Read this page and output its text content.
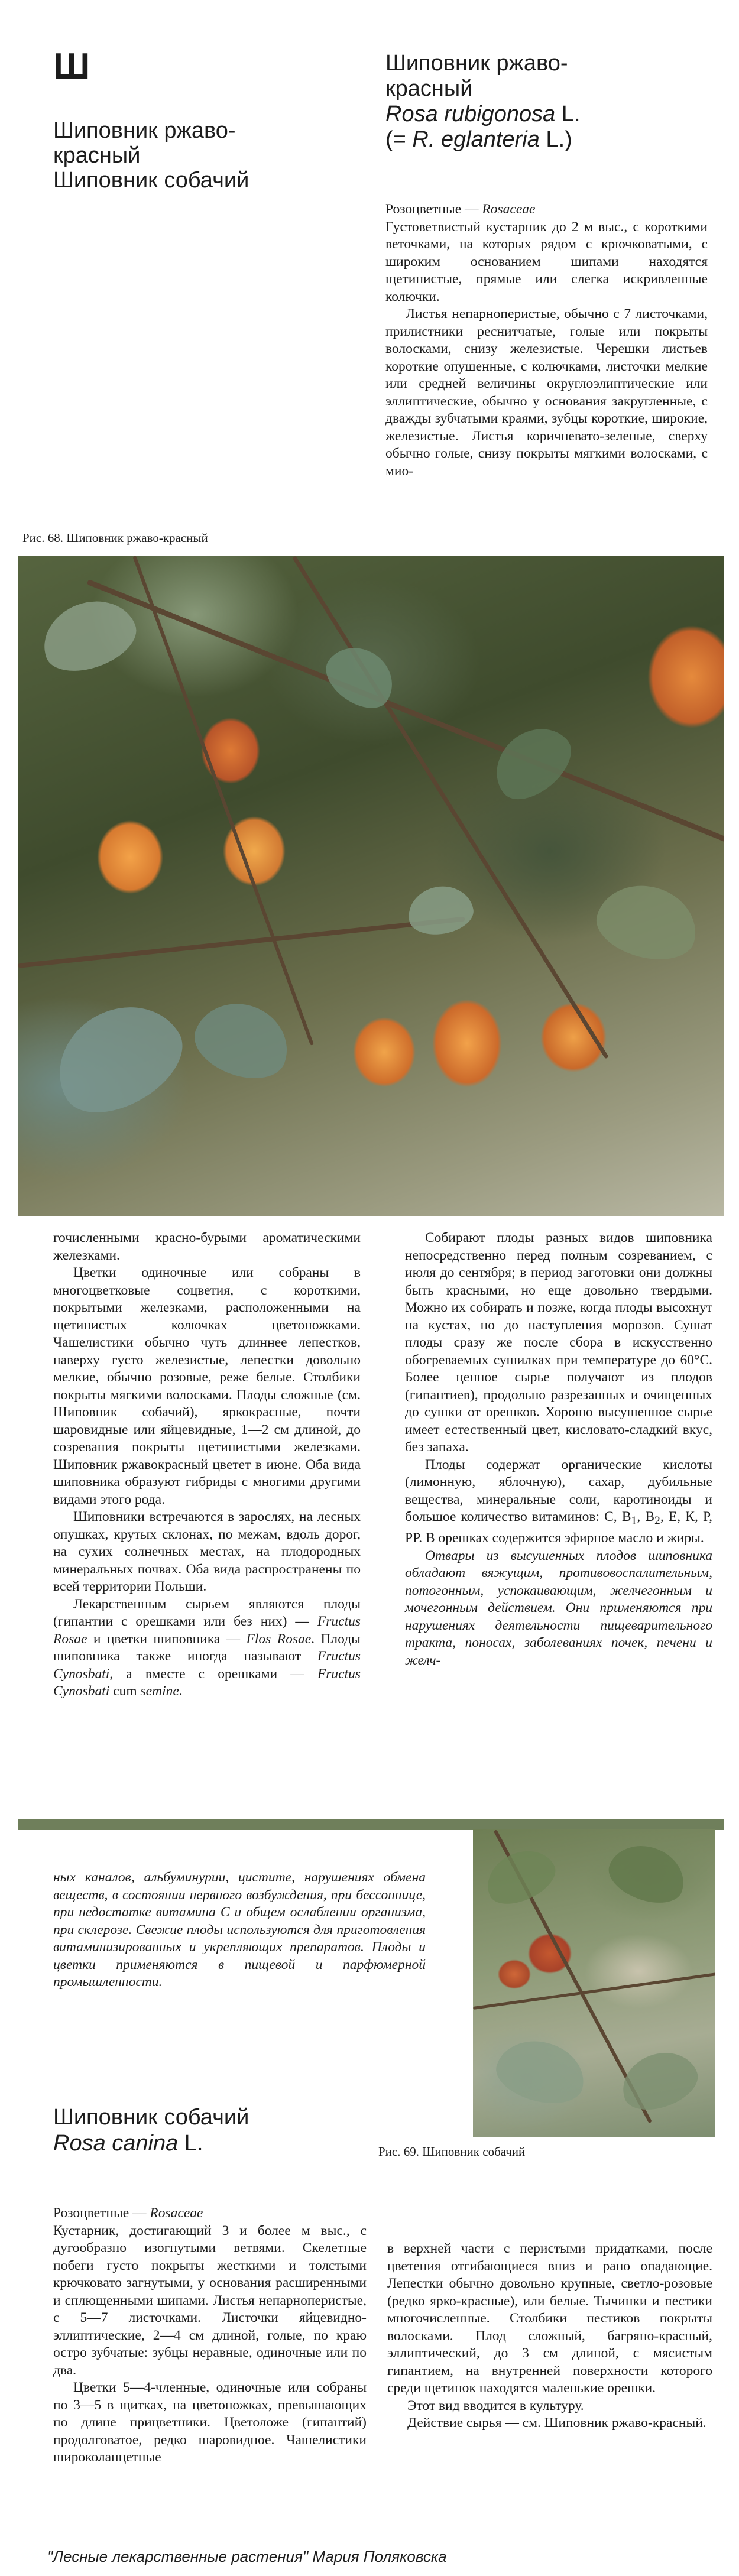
Ш
Шиповник ржаво-
красный
Шиповник собачий
Шиповник ржаво-
красный
Rosa rubigonosa L.
(= R. eglanteria L.)

Розоцветные — Rosaceae

Густоветвистый кустарник до 2 м выс., с короткими веточками, на которых рядом с крючковатыми, с широким основанием шипами находятся щетинистые, прямые или слегка искривленные колючки.

Листья непарноперистые, обычно с 7 листочками, прилистники реснитчатые, голые или покрыты волосками, снизу железистые. Черешки листьев короткие опушенные, с колючками, листочки мелкие или средней величины округлоэлиптические или эллиптические, обычно у основания закругленные, с дважды зубчатыми краями, зубцы короткие, широкие, железистые. Листья коричневато-зеленые, сверху обычно голые, снизу покрыты мягкими волосками, с мио-

Рис. 68. Шиповник ржаво-красный

гочисленными красно-бурыми ароматическими железками.

Цветки одиночные или собраны в многоцветковые соцветия, с короткими, покрытыми железками, расположенными на щетинистых колючках цветоножками. Чашелистики обычно чуть длиннее лепестков, наверху густо железистые, лепестки довольно мелкие, обычно розовые, реже белые. Столбики покрыты мягкими волосками. Плоды сложные (см. Шиповник собачий), яркокрасные, почти шаровидные или яйцевидные, 1—2 см длиной, до созревания покрыты щетинистыми железками. Шиповник ржавокрасный цветет в июне. Оба вида шиповника образуют гибриды с многими другими видами этого рода.

Шиповники встречаются в зарослях, на лесных опушках, крутых склонах, по межам, вдоль дорог, на сухих солнечных местах, на плодородных минеральных почвах. Оба вида распространены по всей территории Польши.

Лекарственным сырьем являются плоды (гипантии с орешками или без них) — Fructus Rosae и цветки шиповника — Flos Rosae. Плоды шиповника также иногда называют Fructus Cynosbati, а вместе с орешками — Fructus Cynosbati cum semine.

Собирают плоды разных видов шиповника непосредственно перед полным созреванием, с июля до сентября; в период заготовки они должны быть красными, но еще довольно твердыми. Можно их собирать и позже, когда плоды высохнут на кустах, но до наступления морозов. Сушат плоды сразу же после сбора в искусственно обогреваемых сушилках при температуре до 60°С. Более ценное сырье получают из плодов (гипантиев), продольно разрезанных и очищенных до сушки от орешков. Хорошо высушенное сырье имеет естественный цвет, кисловато-сладкий вкус, без запаха.

Плоды содержат органические кислоты (лимонную, яблочную), сахар, дубильные вещества, минеральные соли, каротиноиды и большое количество витаминов: С, $В_1$, $В_2$, Е, К, Р, РР. В орешках содержится эфирное масло и жиры.

Отвары из высушенных плодов шиповника обладают вяжущим, противовоспалительным, потогонным, успокаивающим, желчегонным и мочегонным действием. Они применяются при нарушениях деятельности пищеварительного тракта, поносах, заболеваниях почек, печени и желч-

ных каналов, альбуминурии, цистите, нарушениях обмена веществ, в состоянии нервного возбуждения, при бессоннице, при недостатке витамина С и общем ослаблении организма, при склерозе. Свежие плоды используются для приготовления витаминизированных и укрепляющих препаратов. Плоды и цветки применяются в пищевой и парфюмерной промышленности.

Рис. 69. Шиповник собачий
Шиповник собачий
Rosa canina L.

Розоцветные — Rosaceae

Кустарник, достигающий 3 и более м выс., с дугообразно изогнутыми ветвями. Скелетные побеги густо покрыты жесткими и толстыми крючковато загнутыми, у основания расширенными и сплющенными шипами. Листья непарноперистые, с 5—7 листочками. Листочки яйцевидно-эллиптические, 2—4 см длиной, голые, по краю остро зубчатые: зубцы неравные, одиночные или по два.

Цветки 5—4-членные, одиночные или собраны по 3—5 в щитках, на цветоножках, превышающих по длине прицветники. Цветоложе (гипантий) продолговатое, редко шаровидное. Чашелистики широколанцетные

в верхней части с перистыми придатками, после цветения отгибающиеся вниз и рано опадающие. Лепестки обычно довольно крупные, светло-розовые (редко ярко-красные), или белые. Тычинки и пестики многочисленные. Столбики пестиков покрыты волосками. Плод сложный, багряно-красный, эллиптический, до 3 см длиной, с мясистым гипантием, на внутренней поверхности которого среди щетинок находятся маленькие орешки.

Этот вид вводится в культуру.

Действие сырья — см. Шиповник ржаво-красный.

"Лесные лекарственные растения" Мария Поляковска
